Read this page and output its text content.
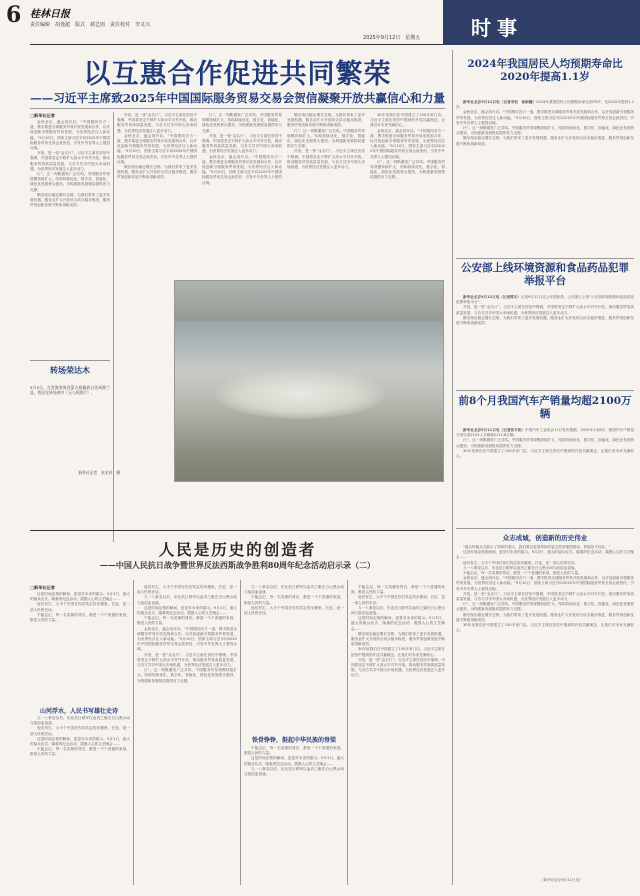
6 桂林日报
责任编辑　胡逸超　版式　郝艺雨　责任校对　李义兴
2025年9月12日　星期五	时事
以互惠合作促进共同繁荣
——习近平主席致2025年中国国际服务贸易交易会贺信凝聚开放共赢信心和力量
□新华社记者

金秋北京，盛会再开启。“中国愿同各方一道，携手推进全球服务贸易开放发展和合作，以开放创新引领服务贸易发展，为世界经济注入新动能。”9月10日，国家主席习近平向2025年中国国际服务贸易交易会致贺信，引发中外各界人士强烈反响。

开放，是一张“金名片”。习近平主席在贺信中强调，中国将坚定不移扩大高水平对外开放，推动服务贸易高质量发展，与各方共享中国大市场机遇，为世界经济发展注入更多动力。

行”。这一判断激发广泛共鸣。中国服务贸易规模持续扩大，结构持续优化，数字化、智能化、绿色化发展势头强劲，为构建新发展格局提供有力支撑。

额呈现出稳定增长态势。为我们带来了更多发展机遇，服务业扩大开放综合试点稳步推进，服务贸易创新发展不断取得新成效。

开放，是一张“金名片”。习近平主席在贺信中强调，中国将坚定不移扩大高水平对外开放，推动服务贸易高质量发展，与各方共享中国大市场机遇，为世界经济发展注入更多动力。

金秋北京，盛会再开启。“中国愿同各方一道，携手推进全球服务贸易开放发展和合作，以开放创新引领服务贸易发展，为世界经济注入新动能。”9月10日，国家主席习近平向2025年中国国际服务贸易交易会致贺信，引发中外各界人士强烈反响。

额呈现出稳定增长态势。为我们带来了更多发展机遇，服务业扩大开放综合试点稳步推进，服务贸易创新发展不断取得新成效。

行”。这一判断激发广泛共鸣。中国服务贸易规模持续扩大，结构持续优化，数字化、智能化、绿色化发展势头强劲，为构建新发展格局提供有力支撑。

开放，是一张“金名片”。习近平主席在贺信中强调，中国将坚定不移扩大高水平对外开放，推动服务贸易高质量发展，与各方共享中国大市场机遇，为世界经济发展注入更多动力。

金秋北京，盛会再开启。“中国愿同各方一道，携手推进全球服务贸易开放发展和合作，以开放创新引领服务贸易发展，为世界经济注入新动能。”9月10日，国家主席习近平向2025年中国国际服务贸易交易会致贺信，引发中外各界人士强烈反响。

额呈现出稳定增长态势。为我们带来了更多发展机遇，服务业扩大开放综合试点稳步推进，服务贸易创新发展不断取得新成效。

行”。这一判断激发广泛共鸣。中国服务贸易规模持续扩大，结构持续优化，数字化、智能化、绿色化发展势头强劲，为构建新发展格局提供有力支撑。

开放，是一张“金名片”。习近平主席在贺信中强调，中国将坚定不移扩大高水平对外开放，推动服务贸易高质量发展，与各方共享中国大市场机遇，为世界经济发展注入更多动力。

30年里我们在中国建立了150多家门店。习近平主席在贺信中提到的开放共赢理念，让我们对未来充满信心。

金秋北京，盛会再开启。“中国愿同各方一道，携手推进全球服务贸易开放发展和合作，以开放创新引领服务贸易发展，为世界经济注入新动能。”9月10日，国家主席习近平向2025年中国国际服务贸易交易会致贺信，引发中外各界人士强烈反响。

行”。这一判断激发广泛共鸣。中国服务贸易规模持续扩大，结构持续优化，数字化、智能化、绿色化发展势头强劲，为构建新发展格局提供有力支撑。

转场荣达木
9月9日，在青海省海西蒙古族藏族自治州都兰县，牧民在转场途中（无人机照片）。
新华社记者　张宏祥　摄
2024年我国居民人均预期寿命比2020年提高1.1岁

新华社北京9月11日电（记者李恒　徐硕巍）2024年我国居民人均预期寿命达到79岁，比2020年提高1.1岁。

金秋北京，盛会再开启。“中国愿同各方一道，携手推进全球服务贸易开放发展和合作，以开放创新引领服务贸易发展，为世界经济注入新动能。”9月10日，国家主席习近平向2025年中国国际服务贸易交易会致贺信，引发中外各界人士强烈反响。

行”。这一判断激发广泛共鸣。中国服务贸易规模持续扩大，结构持续优化，数字化、智能化、绿色化发展势头强劲，为构建新发展格局提供有力支撑。

额呈现出稳定增长态势。为我们带来了更多发展机遇，服务业扩大开放综合试点稳步推进，服务贸易创新发展不断取得新成效。

公安部上线环境资源和食品药品犯罪举报平台

新华社北京9月11日电（记者熊丰）记者9月11日从公安部获悉，公安部已上线“公安部环境资源和食品药品犯罪举报平台”。

开放，是一张“金名片”。习近平主席在贺信中强调，中国将坚定不移扩大高水平对外开放，推动服务贸易高质量发展，与各方共享中国大市场机遇，为世界经济发展注入更多动力。

额呈现出稳定增长态势。为我们带来了更多发展机遇，服务业扩大开放综合试点稳步推进，服务贸易创新发展不断取得新成效。

前8个月我国汽车产销量均超2100万辆

新华社北京9月11日电（记者张辛欣）中国汽车工业协会11日发布数据，2025年1至8月，我国汽车产销量分别完成2105.1万辆和2112.8万辆。

行”。这一判断激发广泛共鸣。中国服务贸易规模持续扩大，结构持续优化，数字化、智能化、绿色化发展势头强劲，为构建新发展格局提供有力支撑。

30年里我们在中国建立了150多家门店。习近平主席在贺信中提到的开放共赢理念，让我们对未来充满信心。

众志成城，创造新的历史伟业

“盛大的阅兵式展示了国家的强大，我们要以更加昂扬的姿态投身强国建设、民族复兴伟业。”

这是时间定格的瞬间，更是对未来的昭示。9月3日，盛大的阅兵仪式，隆重的纪念活动，震撼人心的文艺晚会……

他们有生，大半个中国在你们笃定的步履里。长征，是一部人民的史诗。

九一八事变以后，东北抗日联军以血肉之躯在白山黑水间与敌浴血奋战。

不能忘记，每一名英雄的背后，都是一个个普通的家庭，都是人民的力量。

金秋北京，盛会再开启。“中国愿同各方一道，携手推进全球服务贸易开放发展和合作，以开放创新引领服务贸易发展，为世界经济注入新动能。”9月10日，国家主席习近平向2025年中国国际服务贸易交易会致贺信，引发中外各界人士强烈反响。

开放，是一张“金名片”。习近平主席在贺信中强调，中国将坚定不移扩大高水平对外开放，推动服务贸易高质量发展，与各方共享中国大市场机遇，为世界经济发展注入更多动力。

行”。这一判断激发广泛共鸣。中国服务贸易规模持续扩大，结构持续优化，数字化、智能化、绿色化发展势头强劲，为构建新发展格局提供有力支撑。

额呈现出稳定增长态势。为我们带来了更多发展机遇，服务业扩大开放综合试点稳步推进，服务贸易创新发展不断取得新成效。

30年里我们在中国建立了150多家门店。习近平主席在贺信中提到的开放共赢理念，让我们对未来充满信心。

（新华社北京9月11日电）
人民是历史的创造者
——中国人民抗日战争暨世界反法西斯战争胜利80周年纪念活动启示录（二）
□新华社记者

这是时间定格的瞬间，更是对未来的昭示。9月3日，盛大的阅兵仪式，隆重的纪念活动，震撼人心的文艺晚会……

他们有生，大半个中国在你们笃定的步履里。长征，是一部人民的史诗。

不能忘记，每一名英雄的背后，都是一个个普通的家庭，都是人民的力量。

山河浮水，人民书写雄壮史诗

九一八事变以后，东北抗日联军以血肉之躯在白山黑水间与敌浴血奋战。

他们有生，大半个中国在你们笃定的步履里。长征，是一部人民的史诗。

这是时间定格的瞬间，更是对未来的昭示。9月3日，盛大的阅兵仪式，隆重的纪念活动，震撼人心的文艺晚会……

不能忘记，每一名英雄的背后，都是一个个普通的家庭，都是人民的力量。

他们有生，大半个中国在你们笃定的步履里。长征，是一部人民的史诗。

九一八事变以后，东北抗日联军以血肉之躯在白山黑水间与敌浴血奋战。

这是时间定格的瞬间，更是对未来的昭示。9月3日，盛大的阅兵仪式，隆重的纪念活动，震撼人心的文艺晚会……

不能忘记，每一名英雄的背后，都是一个个普通的家庭，都是人民的力量。

金秋北京，盛会再开启。“中国愿同各方一道，携手推进全球服务贸易开放发展和合作，以开放创新引领服务贸易发展，为世界经济注入新动能。”9月10日，国家主席习近平向2025年中国国际服务贸易交易会致贺信，引发中外各界人士强烈反响。

开放，是一张“金名片”。习近平主席在贺信中强调，中国将坚定不移扩大高水平对外开放，推动服务贸易高质量发展，与各方共享中国大市场机遇，为世界经济发展注入更多动力。

行”。这一判断激发广泛共鸣。中国服务贸易规模持续扩大，结构持续优化，数字化、智能化、绿色化发展势头强劲，为构建新发展格局提供有力支撑。

九一八事变以后，东北抗日联军以血肉之躯在白山黑水间与敌浴血奋战。

不能忘记，每一名英雄的背后，都是一个个普通的家庭，都是人民的力量。

他们有生，大半个中国在你们笃定的步履里。长征，是一部人民的史诗。

铁骨铮铮，挺起中华民族的脊梁

不能忘记，每一名英雄的背后，都是一个个普通的家庭，都是人民的力量。

这是时间定格的瞬间，更是对未来的昭示。9月3日，盛大的阅兵仪式，隆重的纪念活动，震撼人心的文艺晚会……

九一八事变以后，东北抗日联军以血肉之躯在白山黑水间与敌浴血奋战。

不能忘记，每一名英雄的背后，都是一个个普通的家庭，都是人民的力量。

他们有生，大半个中国在你们笃定的步履里。长征，是一部人民的史诗。

九一八事变以后，东北抗日联军以血肉之躯在白山黑水间与敌浴血奋战。

这是时间定格的瞬间，更是对未来的昭示。9月3日，盛大的阅兵仪式，隆重的纪念活动，震撼人心的文艺晚会……

额呈现出稳定增长态势。为我们带来了更多发展机遇，服务业扩大开放综合试点稳步推进，服务贸易创新发展不断取得新成效。

30年里我们在中国建立了150多家门店。习近平主席在贺信中提到的开放共赢理念，让我们对未来充满信心。

开放，是一张“金名片”。习近平主席在贺信中强调，中国将坚定不移扩大高水平对外开放，推动服务贸易高质量发展，与各方共享中国大市场机遇，为世界经济发展注入更多动力。
